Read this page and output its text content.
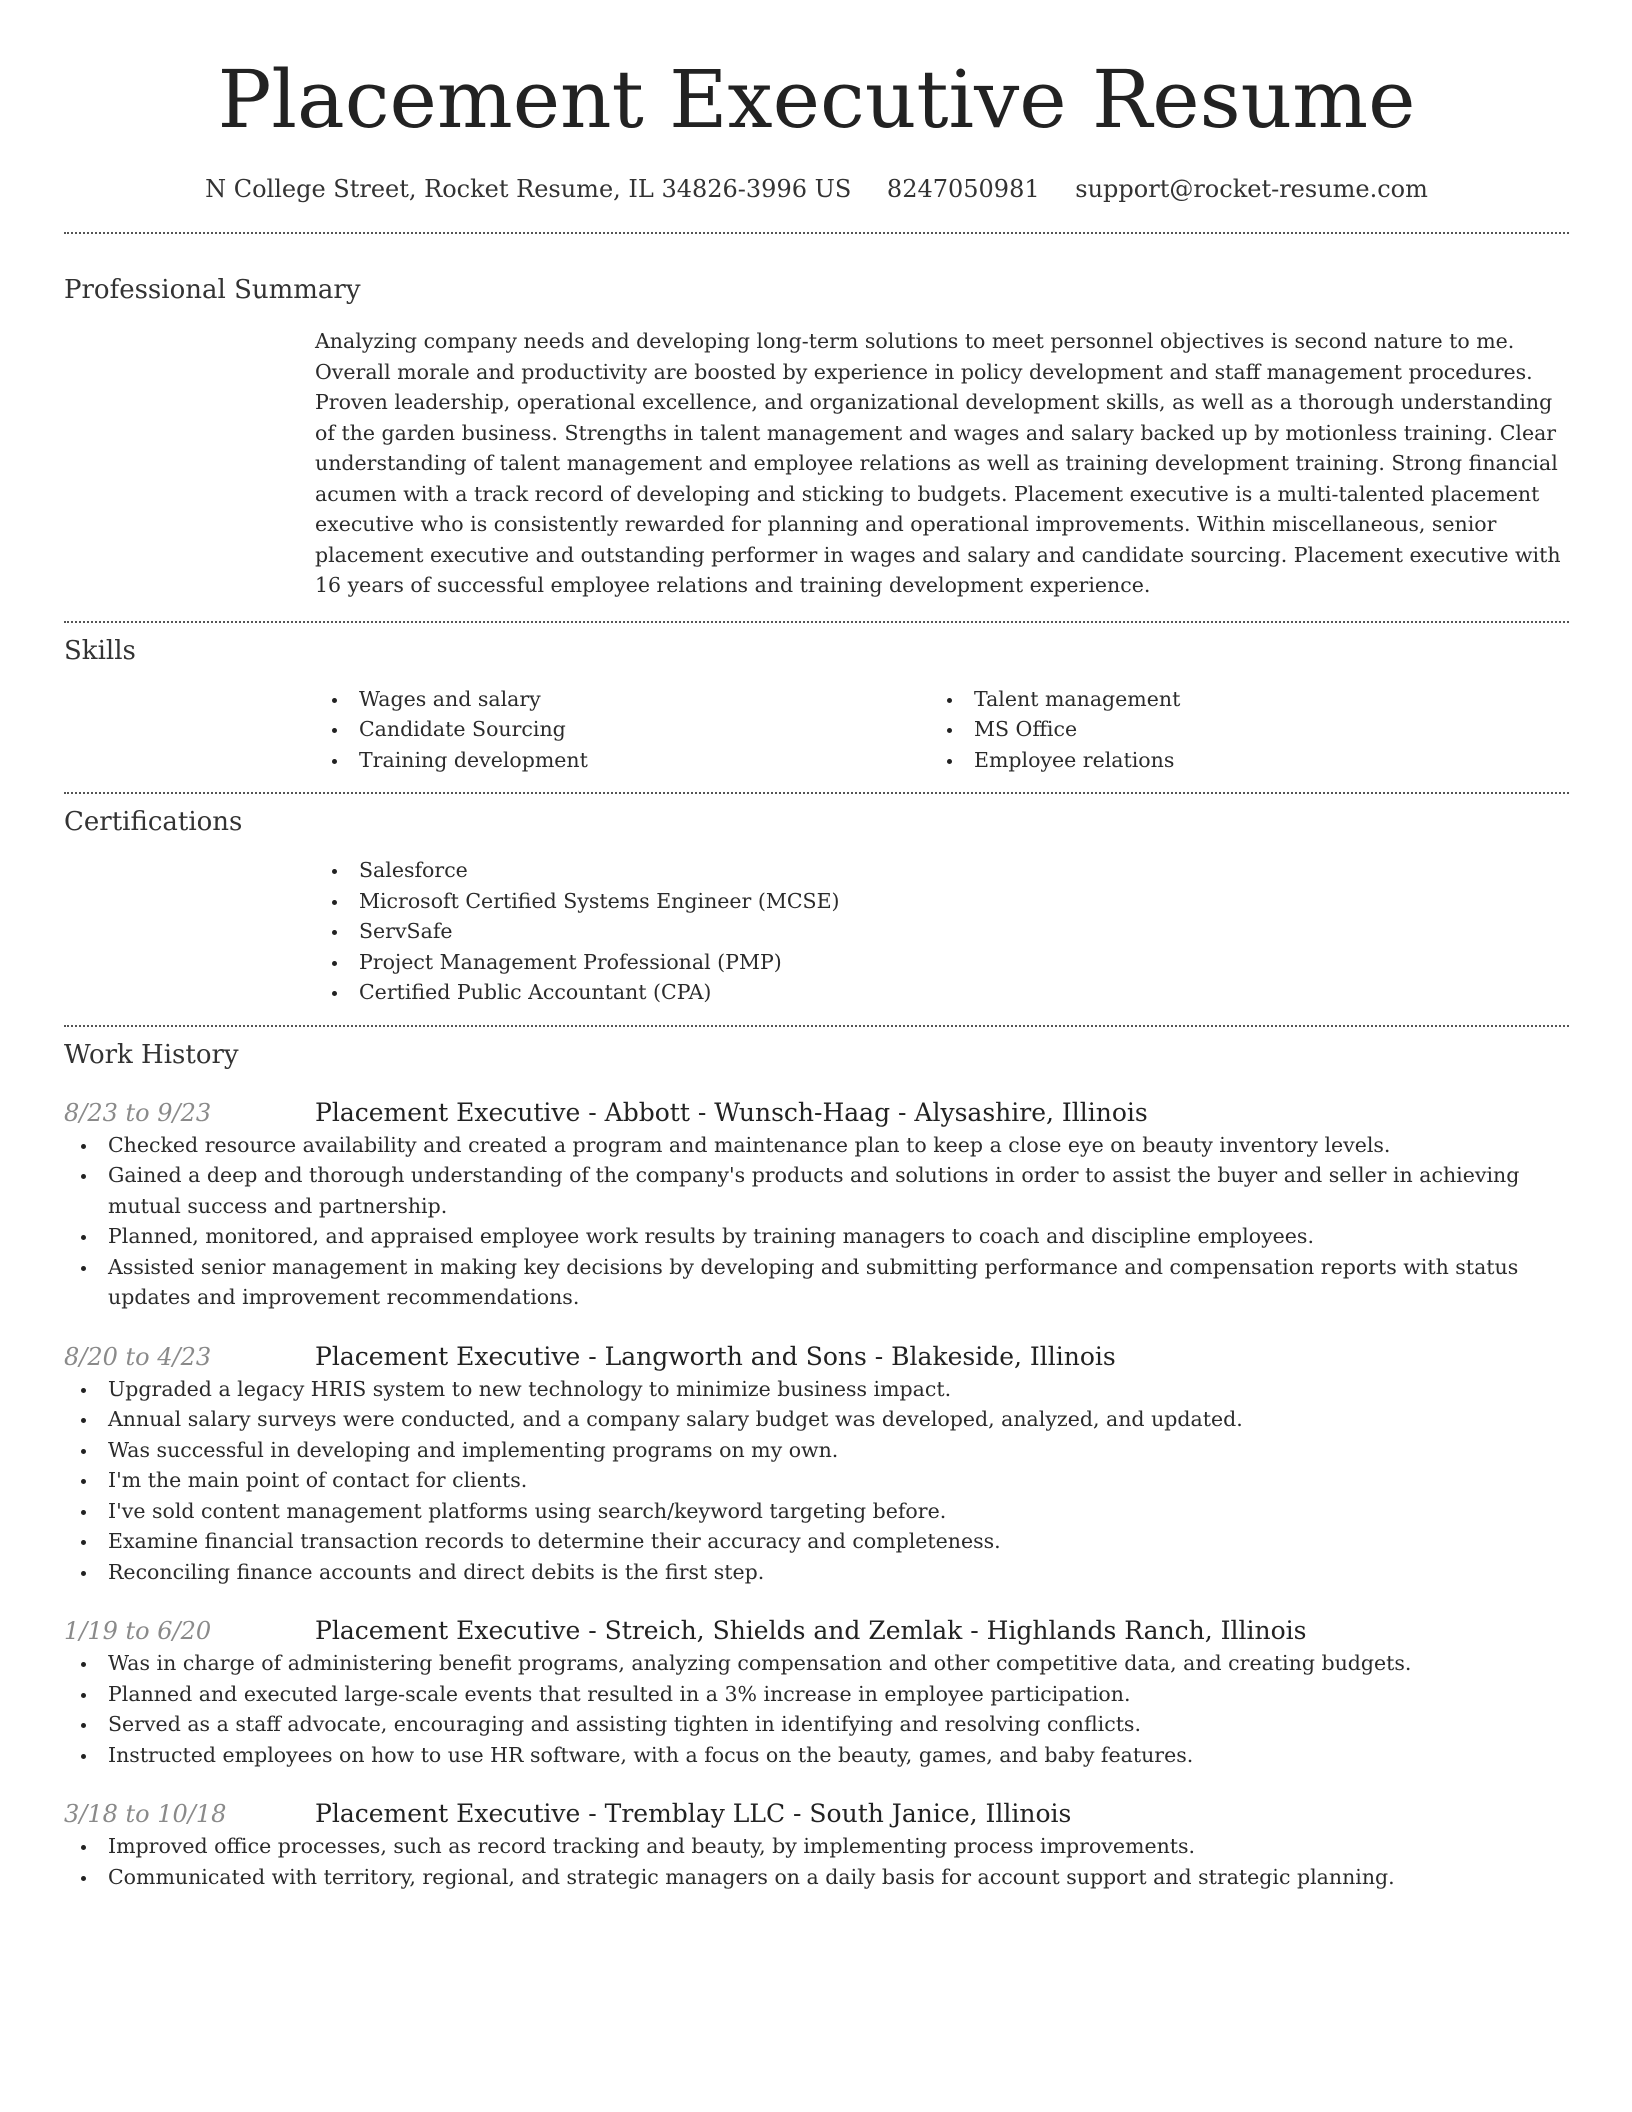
Placement Executive Resume
N College Street, Rocket Resume, IL 34826-3996 US 8247050981 support@rocket-resume.com
Professional Summary

Analyzing company needs and developing long-term solutions to meet personnel objectives is second nature to me. Overall morale and productivity are boosted by experience in policy development and staff management procedures. Proven leadership, operational excellence, and organizational development skills, as well as a thorough understanding of the garden business. Strengths in talent management and wages and salary backed up by motionless training. Clear understanding of talent management and employee relations as well as training development training. Strong financial acumen with a track record of developing and sticking to budgets. Placement executive is a multi-talented placement executive who is consistently rewarded for planning and operational improvements. Within miscellaneous, senior placement executive and outstanding performer in wages and salary and candidate sourcing. Placement executive with 16 years of successful employee relations and training development experience.

Skills
Wages and salary
Candidate Sourcing
Training development
Talent management
MS Office
Employee relations
Certifications
Salesforce
Microsoft Certified Systems Engineer (MCSE)
ServSafe
Project Management Professional (PMP)
Certified Public Accountant (CPA)
Work History
8/23 to 9/23	Placement Executive - Abbott - Wunsch-Haag - Alysashire, Illinois
Checked resource availability and created a program and maintenance plan to keep a close eye on beauty inventory levels.
Gained a deep and thorough understanding of the company's products and solutions in order to assist the buyer and seller in achieving mutual success and partnership.
Planned, monitored, and appraised employee work results by training managers to coach and discipline employees.
Assisted senior management in making key decisions by developing and submitting performance and compensation reports with status updates and improvement recommendations.
8/20 to 4/23	Placement Executive - Langworth and Sons - Blakeside, Illinois
Upgraded a legacy HRIS system to new technology to minimize business impact.
Annual salary surveys were conducted, and a company salary budget was developed, analyzed, and updated.
Was successful in developing and implementing programs on my own.
I'm the main point of contact for clients.
I've sold content management platforms using search/keyword targeting before.
Examine financial transaction records to determine their accuracy and completeness.
Reconciling finance accounts and direct debits is the first step.
1/19 to 6/20	Placement Executive - Streich, Shields and Zemlak - Highlands Ranch, Illinois
Was in charge of administering benefit programs, analyzing compensation and other competitive data, and creating budgets.
Planned and executed large-scale events that resulted in a 3% increase in employee participation.
Served as a staff advocate, encouraging and assisting tighten in identifying and resolving conflicts.
Instructed employees on how to use HR software, with a focus on the beauty, games, and baby features.
3/18 to 10/18	Placement Executive - Tremblay LLC - South Janice, Illinois
Improved office processes, such as record tracking and beauty, by implementing process improvements.
Communicated with territory, regional, and strategic managers on a daily basis for account support and strategic planning.
